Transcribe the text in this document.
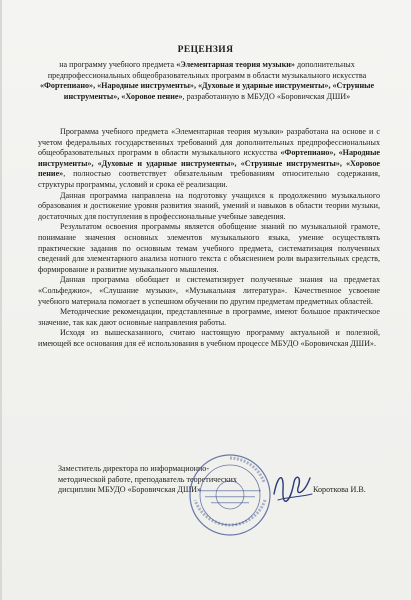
РЕЦЕНЗИЯ
на программу учебного предмета «Элементарная теория музыки» дополнительных предпрофессиональных общеобразовательных программ в области музыкального искусства «Фортепиано», «Народные инструменты», «Духовые и ударные инструменты», «Струнные инструменты», «Хоровое пение», разработанную в МБУДО «Боровичская ДШИ»

Программа учебного предмета «Элементарная теория музыки» разработана на основе и с учетом федеральных государственных требований для дополнительных предпрофессиональных общеобразовательных программ в области музыкального искусства «Фортепиано», «Народные инструменты», «Духовые и ударные инструменты», «Струнные инструменты», «Хоровое пение», полностью соответствует обязательным требованиям относительно содержания, структуры программы, условий и срока её реализации.

Данная программа направлена на подготовку учащихся к продолжению музыкального образования и достижение уровня развития знаний, умений и навыков в области теории музыки, достаточных для поступления в профессиональные учебные заведения.

Результатом освоения программы является обобщение знаний по музыкальной грамоте, понимание значения основных элементов музыкального языка, умение осуществлять практические задания по основным темам учебного предмета, систематизация полученных сведений для элементарного анализа нотного текста с объяснением роли выразительных средств, формирование и развитие музыкального мышления.

Данная программа обобщает и систематизирует полученные знания на предметах «Сольфеджио», «Слушание музыки», «Музыкальная литература». Качественное усвоение учебного материала помогает в успешном обучении по другим предметам предметных областей.

Методические рекомендации, представленные в программе, имеют большое практическое значение, так как дают основные направления работы.

Исходя из вышесказанного, считаю настоящую программу актуальной и полезной, имеющей все основания для её использования в учебном процессе МБУДО «Боровичская ДШИ».

Заместитель директора по информационно-
методической работе, преподаватель теоретических
дисциплин МБУДО «Боровичская ДШИ»	Короткова И.В.
